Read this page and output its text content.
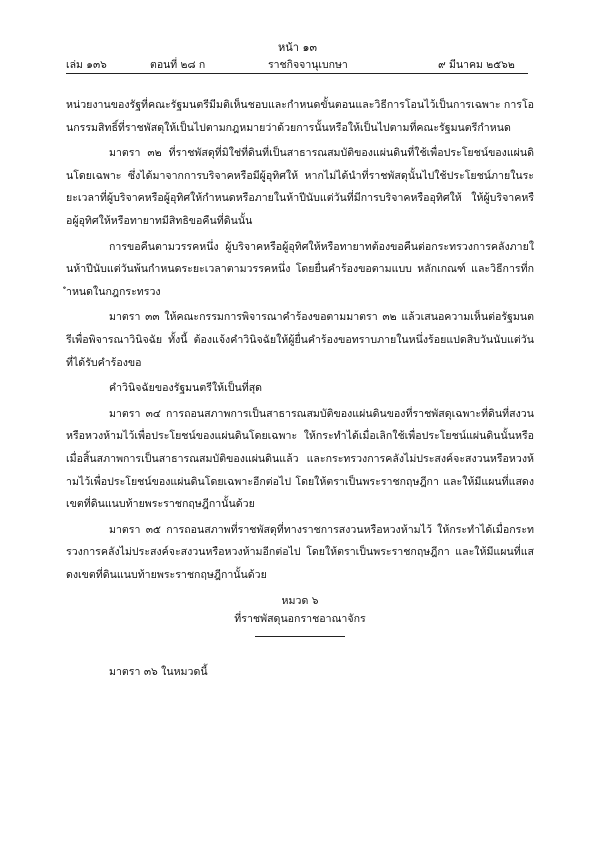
หน้า ๑๓
เล่ม ๑๓๖	ตอนที่ ๒๘ ก	ราชกิจจานุเบกษา	๙ มีนาคม ๒๕๖๒

หน่วยงานของรัฐที่คณะรัฐมนตรีมีมติเห็นชอบและกำหนดขั้นตอนและวิธีการโอนไว้เป็นการเฉพาะ การโอนกรรมสิทธิ์ที่ราชพัสดุให้เป็นไปตามกฎหมายว่าด้วยการนั้นหรือให้เป็นไปตามที่คณะรัฐมนตรีกำหนด

มาตรา ๓๒ ที่ราชพัสดุที่มิใช่ที่ดินที่เป็นสาธารณสมบัติของแผ่นดินที่ใช้เพื่อประโยชน์ของแผ่นดินโดยเฉพาะ ซึ่งได้มาจากการบริจาคหรือมีผู้อุทิศให้ หากไม่ได้นำที่ราชพัสดุนั้นไปใช้ประโยชน์ภายในระยะเวลาที่ผู้บริจาคหรือผู้อุทิศให้กำหนดหรือภายในห้าปีนับแต่วันที่มีการบริจาคหรืออุทิศให้ ให้ผู้บริจาคหรือผู้อุทิศให้หรือทายาทมีสิทธิขอคืนที่ดินนั้น

การขอคืนตามวรรคหนึ่ง ผู้บริจาคหรือผู้อุทิศให้หรือทายาทต้องขอคืนต่อกระทรวงการคลังภายในห้าปีนับแต่วันพ้นกำหนดระยะเวลาตามวรรคหนึ่ง โดยยื่นคำร้องขอตามแบบ หลักเกณฑ์ และวิธีการที่กำหนดในกฎกระทรวง

มาตรา ๓๓ ให้คณะกรรมการพิจารณาคำร้องขอตามมาตรา ๓๒ แล้วเสนอความเห็นต่อรัฐมนตรีเพื่อพิจารณาวินิจฉัย ทั้งนี้ ต้องแจ้งคำวินิจฉัยให้ผู้ยื่นคำร้องขอทราบภายในหนึ่งร้อยแปดสิบวันนับแต่วันที่ได้รับคำร้องขอ

คำวินิจฉัยของรัฐมนตรีให้เป็นที่สุด

มาตรา ๓๔ การถอนสภาพการเป็นสาธารณสมบัติของแผ่นดินของที่ราชพัสดุเฉพาะที่ดินที่สงวนหรือหวงห้ามไว้เพื่อประโยชน์ของแผ่นดินโดยเฉพาะ ให้กระทำได้เมื่อเลิกใช้เพื่อประโยชน์แผ่นดินนั้นหรือเมื่อสิ้นสภาพการเป็นสาธารณสมบัติของแผ่นดินแล้ว และกระทรวงการคลังไม่ประสงค์จะสงวนหรือหวงห้ามไว้เพื่อประโยชน์ของแผ่นดินโดยเฉพาะอีกต่อไป โดยให้ตราเป็นพระราชกฤษฎีกา และให้มีแผนที่แสดงเขตที่ดินแนบท้ายพระราชกฤษฎีกานั้นด้วย

มาตรา ๓๕ การถอนสภาพที่ราชพัสดุที่ทางราชการสงวนหรือหวงห้ามไว้ ให้กระทำได้เมื่อกระทรวงการคลังไม่ประสงค์จะสงวนหรือหวงห้ามอีกต่อไป โดยให้ตราเป็นพระราชกฤษฎีกา และให้มีแผนที่แสดงเขตที่ดินแนบท้ายพระราชกฤษฎีกานั้นด้วย

หมวด ๖
ที่ราชพัสดุนอกราชอาณาจักร

มาตรา ๓๖ ในหมวดนี้
